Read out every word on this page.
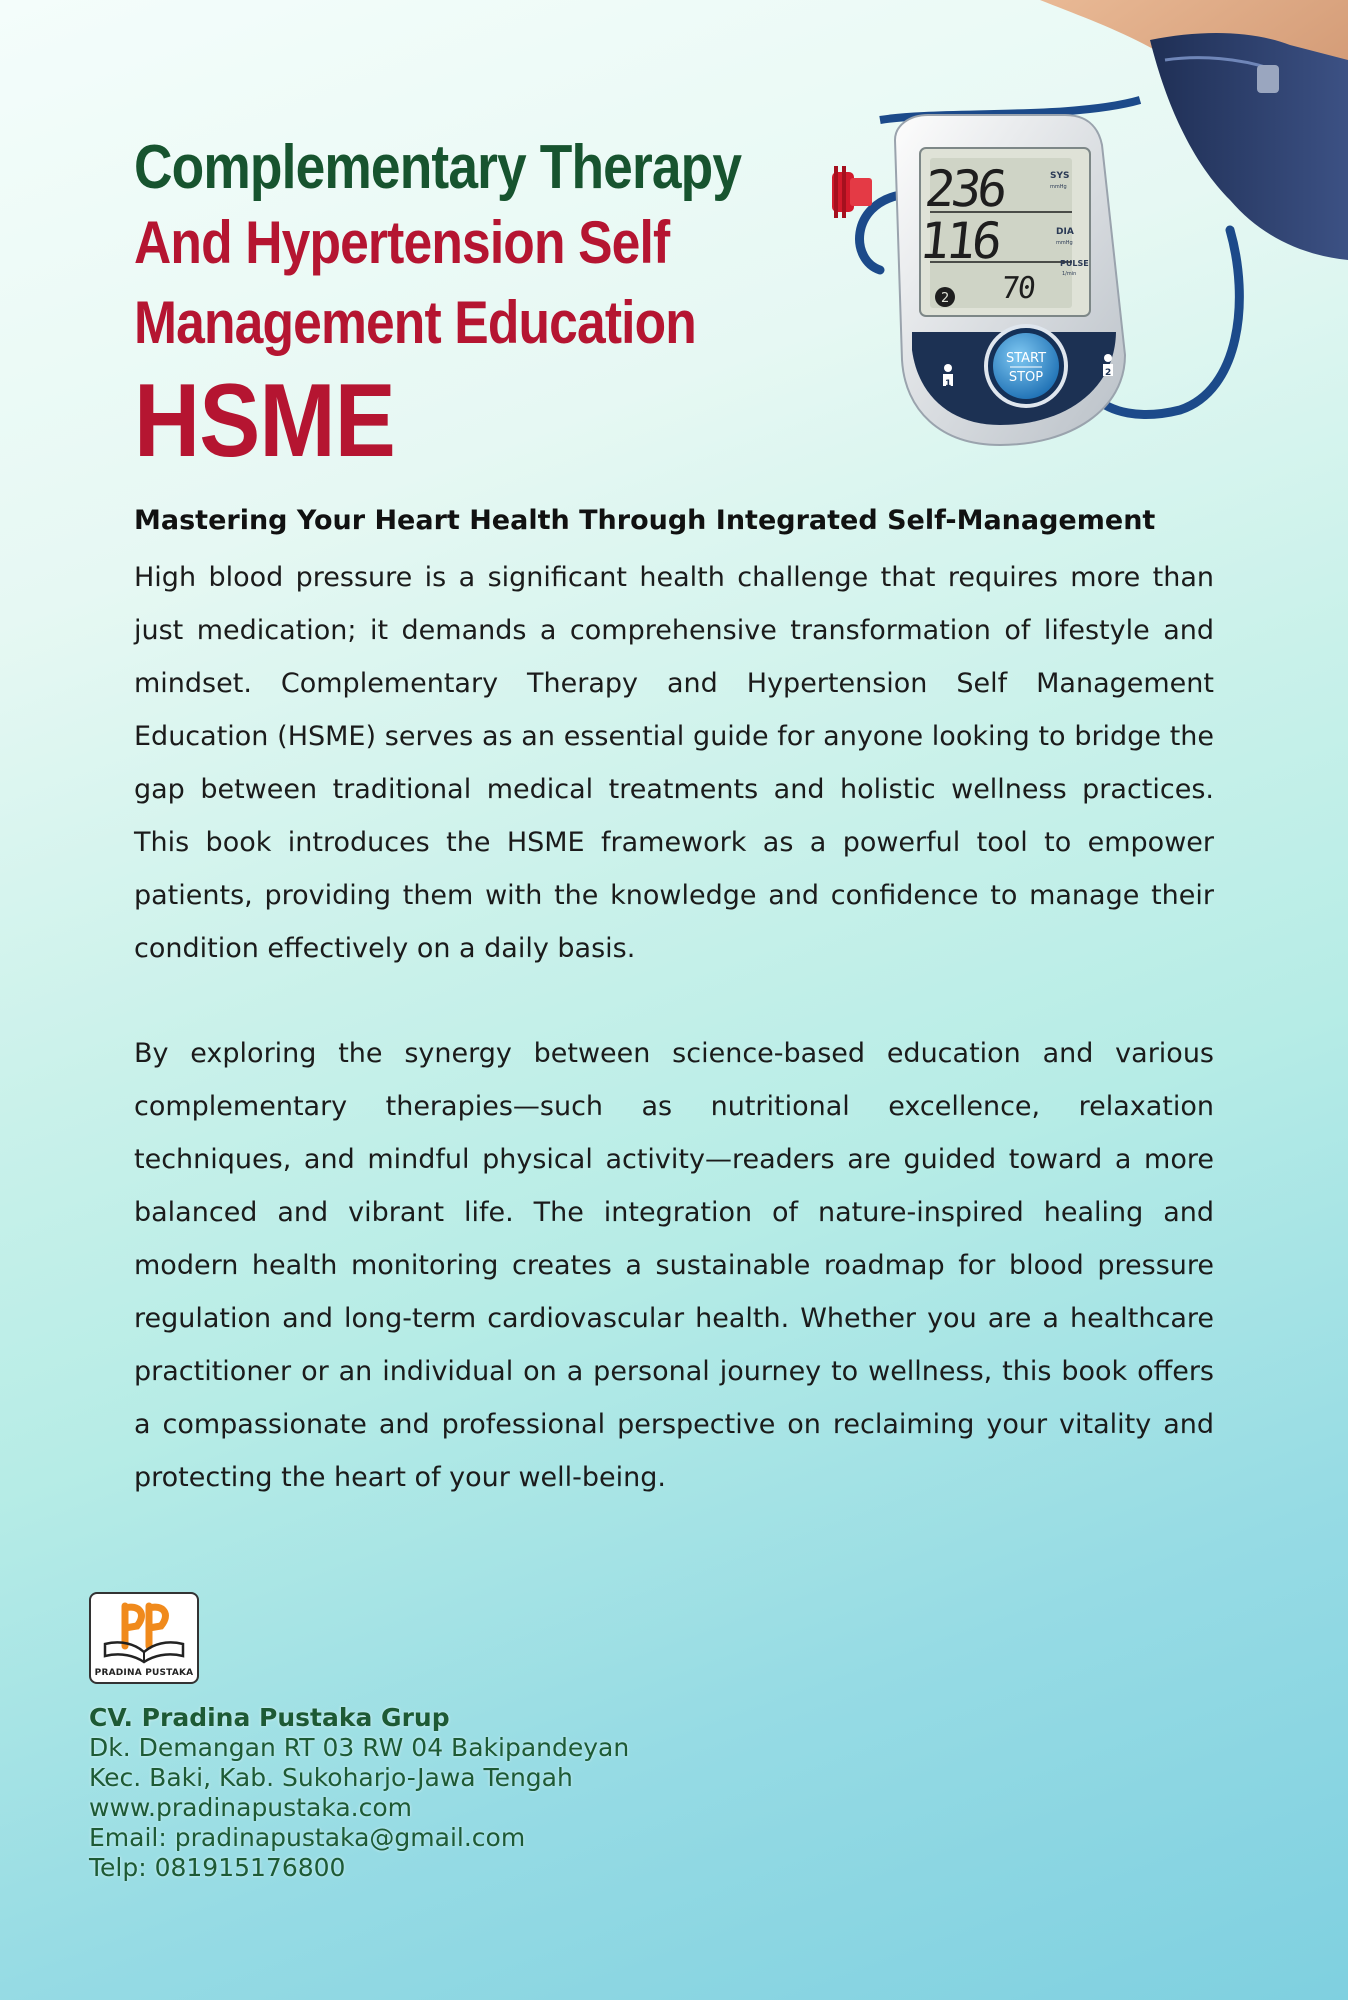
Complementary Therapy
And Hypertension Self
Management Education
HSME
236
116
70
2
SYS
mmHg
DIA
mmHg
PULSE
1/min
START
STOP
1
2

Mastering Your Heart Health Through Integrated Self-Management

High blood pressure is a significant health challenge that requires more than just medication; it demands a comprehensive transformation of lifestyle and mindset. Complementary Therapy and Hypertension Self Management Education (HSME) serves as an essential guide for anyone looking to bridge the gap between traditional medical treatments and holistic wellness practices. This book introduces the HSME framework as a powerful tool to empower patients, providing them with the knowledge and confidence to manage their condition effectively on a daily basis.

By exploring the synergy between science-based education and various complementary therapies—such as nutritional excellence, relaxation techniques, and mindful physical activity—readers are guided toward a more balanced and vibrant life. The integration of nature-inspired healing and modern health monitoring creates a sustainable roadmap for blood pressure regulation and long-term cardiovascular health. Whether you are a healthcare practitioner or an individual on a personal journey to wellness, this book offers a compassionate and professional perspective on reclaiming your vitality and protecting the heart of your well-being.

PRADINA PUSTAKA
CV. Pradina Pustaka Grup
Dk. Demangan RT 03 RW 04 Bakipandeyan
Kec. Baki, Kab. Sukoharjo-Jawa Tengah
www.pradinapustaka.com
Email: pradinapustaka@gmail.com
Telp: 081915176800
